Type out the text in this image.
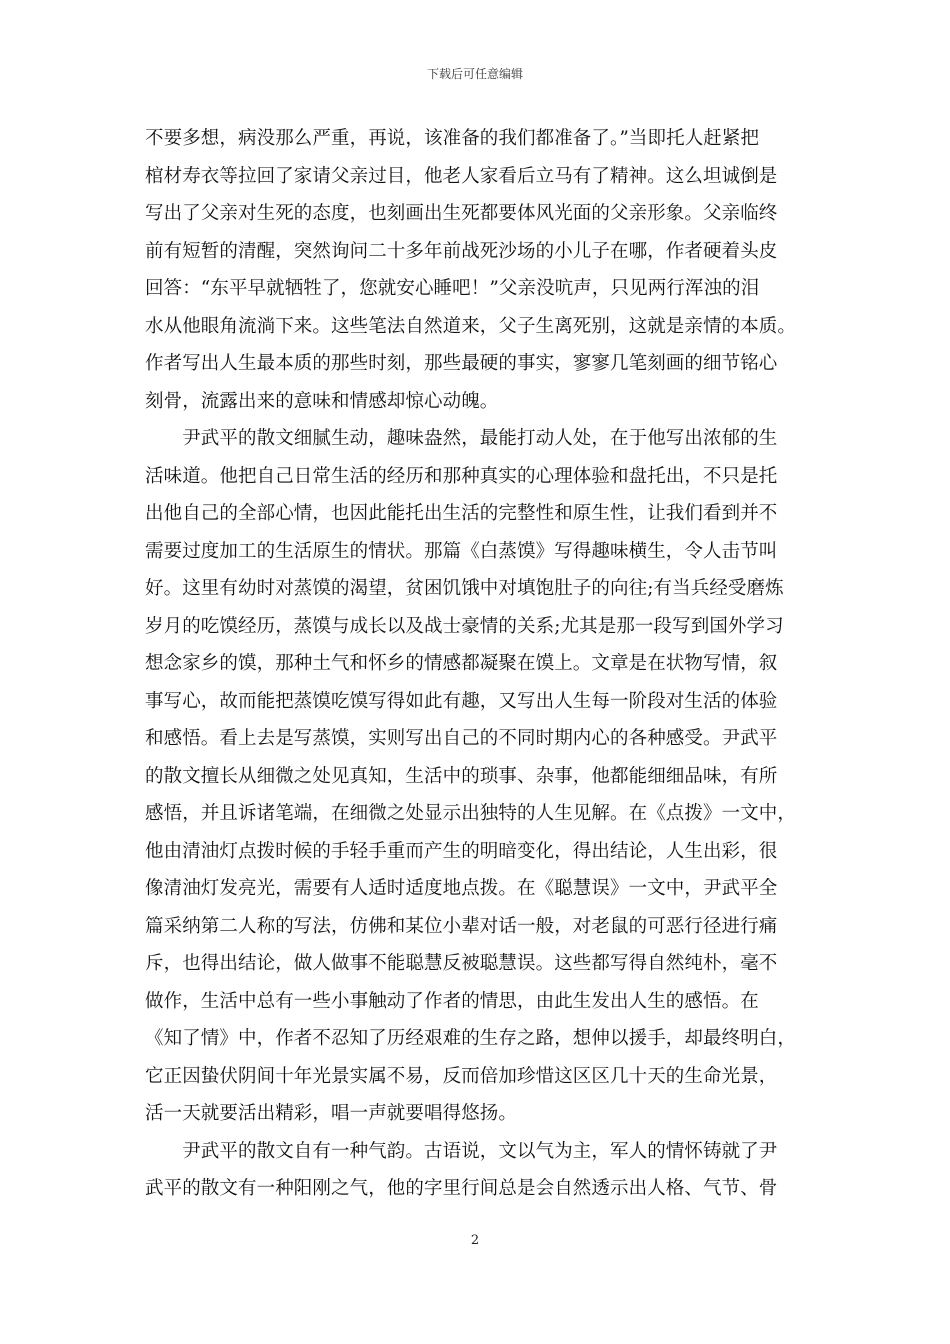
下载后可任意编辑
不要多想，病没那么严重，再说，该准备的我们都准备了。”当即托人赶紧把
棺材寿衣等拉回了家请父亲过目，他老人家看后立马有了精神。这么坦诚倒是
写出了父亲对生死的态度，也刻画出生死都要体风光面的父亲形象。父亲临终
前有短暂的清醒，突然询问二十多年前战死沙场的小儿子在哪，作者硬着头皮
回答：“东平早就牺牲了，您就安心睡吧！”父亲没吭声，只见两行浑浊的泪
水从他眼角流淌下来。这些笔法自然道来，父子生离死别，这就是亲情的本质。
作者写出人生最本质的那些时刻，那些最硬的事实，寥寥几笔刻画的细节铭心
刻骨，流露出来的意味和情感却惊心动魄。
　　尹武平的散文细腻生动，趣味盎然，最能打动人处，在于他写出浓郁的生
活味道。他把自己日常生活的经历和那种真实的心理体验和盘托出，不只是托
出他自己的全部心情，也因此能托出生活的完整性和原生性，让我们看到并不
需要过度加工的生活原生的情状。那篇《白蒸馍》写得趣味横生，令人击节叫
好。这里有幼时对蒸馍的渴望，贫困饥饿中对填饱肚子的向往;有当兵经受磨炼
岁月的吃馍经历，蒸馍与成长以及战士豪情的关系;尤其是那一段写到国外学习
想念家乡的馍，那种土气和怀乡的情感都凝聚在馍上。文章是在状物写情，叙
事写心，故而能把蒸馍吃馍写得如此有趣，又写出人生每一阶段对生活的体验
和感悟。看上去是写蒸馍，实则写出自己的不同时期内心的各种感受。尹武平
的散文擅长从细微之处见真知，生活中的琐事、杂事，他都能细细品味，有所
感悟，并且诉诸笔端，在细微之处显示出独特的人生见解。在《点拨》一文中，
他由清油灯点拨时候的手轻手重而产生的明暗变化，得出结论，人生出彩，很
像清油灯发亮光，需要有人适时适度地点拨。在《聪慧误》一文中，尹武平全
篇采纳第二人称的写法，仿佛和某位小辈对话一般，对老鼠的可恶行径进行痛
斥，也得出结论，做人做事不能聪慧反被聪慧误。这些都写得自然纯朴，毫不
做作，生活中总有一些小事触动了作者的情思，由此生发出人生的感悟。在
《知了情》中，作者不忍知了历经艰难的生存之路，想伸以援手，却最终明白，
它正因蛰伏阴间十年光景实属不易，反而倍加珍惜这区区几十天的生命光景，
活一天就要活出精彩，唱一声就要唱得悠扬。
　　尹武平的散文自有一种气韵。古语说，文以气为主，军人的情怀铸就了尹
武平的散文有一种阳刚之气，他的字里行间总是会自然透示出人格、气节、骨
2
